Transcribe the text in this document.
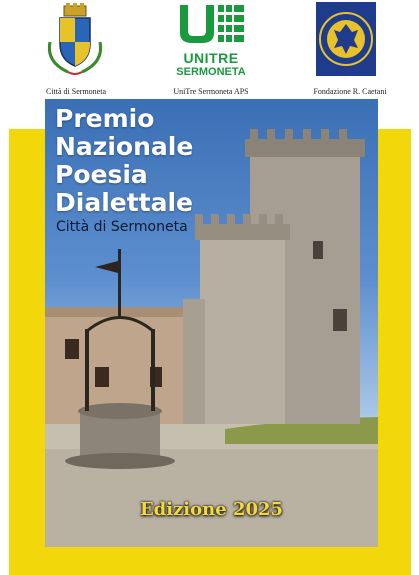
Città di Sermoneta
UNITRE
SERMONETA
UniTre Sermoneta APS	Fondazione R. Caetani
Premio
Nazionale
Poesia
Dialettale
Città di Sermoneta
Edizione 2025
